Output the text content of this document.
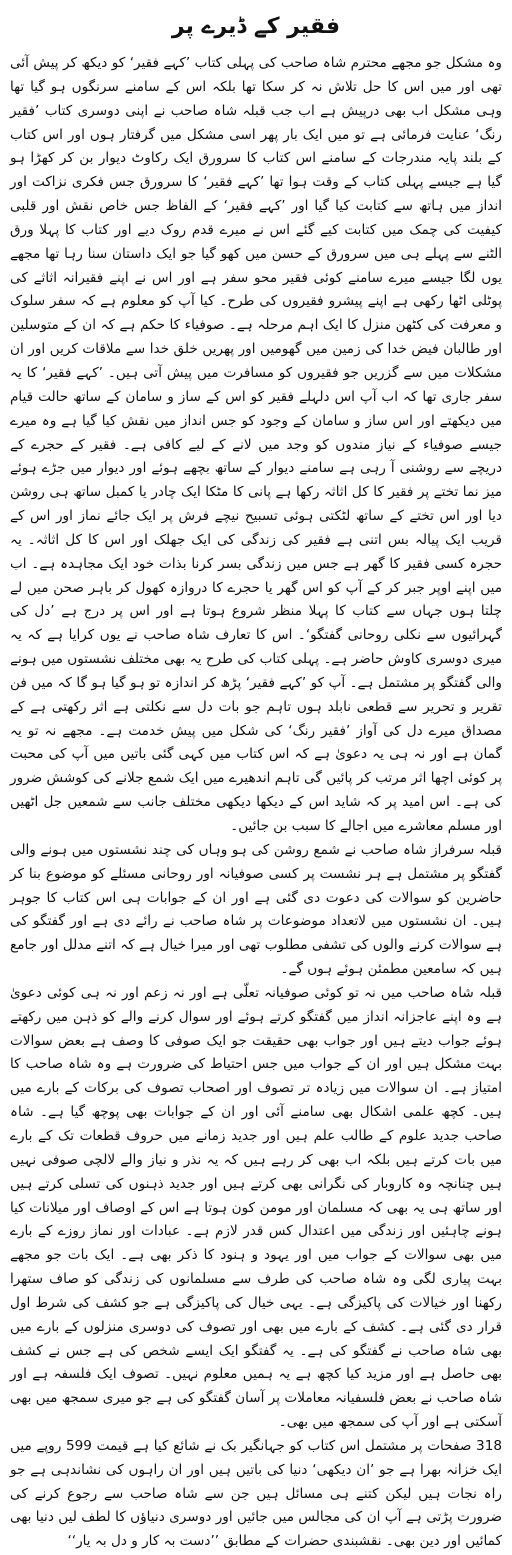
فقیر کے ڈیرے پر

وہ مشکل جو مجھے محترم شاہ صاحب کی پہلی کتاب ’کہے فقیر‘ کو دیکھ کر پیش آئی تھی اور میں اس کا حل تلاش نہ کر سکا تھا بلکہ اس کے سامنے سرنگوں ہو گیا تھا وہی مشکل اب بھی درپیش ہے اب جب قبلہ شاہ صاحب نے اپنی دوسری کتاب ’فقیر رنگ‘ عنایت فرمائی ہے تو میں ایک بار پھر اسی مشکل میں گرفتار ہوں اور اس کتاب کے بلند پایہ مندرجات کے سامنے اس کتاب کا سرورق ایک رکاوٹ دیوار بن کر کھڑا ہو گیا ہے جیسے پہلی کتاب کے وقت ہوا تھا ’کہے فقیر‘ کا سرورق جس فکری نزاکت اور انداز میں ہاتھ سے کتابت کیا گیا اور ’کہے فقیر‘ کے الفاظ جس خاص نقش اور قلبی کیفیت کی چمک میں کتابت کیے گئے اس نے میرے قدم روک دیے اور کتاب کا پہلا ورق الٹنے سے پہلے ہی میں سرورق کے حسن میں کھو گیا جو ایک داستان سنا رہا تھا مجھے یوں لگا جیسے میرے سامنے کوئی فقیر محو سفر ہے اور اس نے اپنے فقیرانہ اثاثے کی پوٹلی اٹھا رکھی ہے اپنے پیشرو فقیروں کی طرح۔ کیا آپ کو معلوم ہے کہ سفر سلوک و معرفت کی کٹھن منزل کا ایک اہم مرحلہ ہے۔ صوفیاء کا حکم ہے کہ ان کے متوسلین اور طالبان فیض خدا کی زمین میں گھومیں اور پھریں خلق خدا سے ملاقات کریں اور ان مشکلات میں سے گزریں جو فقیروں کو مسافرت میں پیش آتی ہیں۔ ’کہے فقیر‘ کا یہ سفر جاری تھا کہ اب آپ اس دلہلے فقیر کو اس کے ساز و سامان کے ساتھ حالت قیام میں دیکھتے اور اس ساز و سامان کے وجود کو جس انداز میں نقش کیا گیا ہے وہ میرے جیسے صوفیاء کے نیاز مندوں کو وجد میں لانے کے لیے کافی ہے۔ فقیر کے حجرے کے دریچے سے روشنی آ رہی ہے سامنے دیوار کے ساتھ بچھے ہوئے اور دیوار میں جڑے ہوئے میز نما تختے پر فقیر کا کل اثاثہ رکھا ہے پانی کا مٹکا ایک چادر یا کمبل ساتھ ہی روشن دیا اور اس تختے کے ساتھ لٹکتی ہوئی تسبیح نیچے فرش پر ایک جائے نماز اور اس کے قریب ایک پیالہ بس اتنی ہے فقیر کی زندگی کی ایک جھلک اور اس کا کل اثاثہ۔ یہ حجرہ کسی فقیر کا گھر ہے جس میں زندگی بسر کرنا بذات خود ایک مجاہدہ ہے۔ اب میں اپنے اوپر جبر کر کے آپ کو اس گھر یا حجرے کا دروازہ کھول کر باہر صحن میں لے چلتا ہوں جہاں سے کتاب کا پہلا منظر شروع ہوتا ہے اور اس پر درج ہے ’دل کی گہرائیوں سے نکلی روحانی گفتگو‘۔ اس کا تعارف شاہ صاحب نے یوں کرایا ہے کہ یہ میری دوسری کاوش حاضر ہے۔ پہلی کتاب کی طرح یہ بھی مختلف نشستوں میں ہونے والی گفتگو پر مشتمل ہے۔ آپ کو ’کہے فقیر‘ پڑھ کر اندازہ تو ہو گیا ہو گا کہ میں فن تقریر و تحریر سے قطعی نابلد ہوں تاہم جو بات دل سے نکلتی ہے اثر رکھتی ہے کے مصداق میرے دل کی آواز ’فقیر رنگ‘ کی شکل میں پیش خدمت ہے۔ مجھے نہ تو یہ گمان ہے اور نہ ہی یہ دعویٰ ہے کہ اس کتاب میں کہی گئی باتیں میں آپ کی محبت پر کوئی اچھا اثر مرتب کر پائیں گی تاہم اندھیرے میں ایک شمع جلانے کی کوشش ضرور کی ہے۔ اس امید پر کہ شاید اس کے دیکھا دیکھی مختلف جانب سے شمعیں جل اٹھیں اور مسلم معاشرے میں اجالے کا سبب بن جائیں۔

قبلہ سرفراز شاہ صاحب نے شمع روشن کی ہو وہاں کی چند نشستوں میں ہونے والی گفتگو پر مشتمل ہے ہر نشست پر کسی صوفیانہ اور روحانی مسئلے کو موضوع بنا کر حاضرین کو سوالات کی دعوت دی گئی ہے اور ان کے جوابات ہی اس کتاب کا جوہر ہیں۔ ان نشستوں میں لاتعداد موضوعات پر شاہ صاحب نے رائے دی ہے اور گفتگو کی ہے سوالات کرنے والوں کی تشفی مطلوب تھی اور میرا خیال ہے کہ اتنے مدلل اور جامع ہیں کہ سامعین مطمئن ہوئے ہوں گے۔

قبلہ شاہ صاحب میں نہ تو کوئی صوفیانہ تعلّی ہے اور نہ زعم اور نہ ہی کوئی دعویٰ ہے وہ اپنے عاجزانہ انداز میں گفتگو کرتے ہوئے اور سوال کرنے والے کو ذہن میں رکھتے ہوئے جواب دیتے ہیں اور جواب بھی حقیقت جو ایک صوفی کا وصف ہے بعض سوالات بہت مشکل ہیں اور ان کے جواب میں جس احتیاط کی ضرورت ہے وہ شاہ صاحب کا امتیاز ہے۔ ان سوالات میں زیادہ تر تصوف اور اصحاب تصوف کی برکات کے بارے میں ہیں۔ کچھ علمی اشکال بھی سامنے آئی اور ان کے جوابات بھی پوچھ گیا ہے۔ شاہ صاحب جدید علوم کے طالب علم ہیں اور جدید زمانے میں حروف قطعات تک کے بارے میں بات کرتے ہیں بلکہ اب بھی کر رہے ہیں کہ یہ نذر و نیاز والے لالچی صوفی نہیں ہیں چنانچہ وہ کاروبار کی نگرانی بھی کرتے ہیں اور جدید ذہنوں کی تسلی کرتے ہیں اور ساتھ ہی یہ بھی کہ مسلمان اور مومن کون ہوتا ہے اس کے اوصاف اور میلانات کیا ہونے چاہئیں اور زندگی میں اعتدال کس قدر لازم ہے۔ عبادات اور نماز روزے کے بارے میں بھی سوالات کے جواب میں اور یہود و ہنود کا ذکر بھی ہے۔ ایک بات جو مجھے بہت پیاری لگی وہ شاہ صاحب کی طرف سے مسلمانوں کی زندگی کو صاف ستھرا رکھنا اور خیالات کی پاکیزگی ہے۔ یہی خیال کی پاکیزگی ہے جو کشف کی شرط اول قرار دی گئی ہے۔ کشف کے بارے میں بھی اور تصوف کی دوسری منزلوں کے بارے میں بھی شاہ صاحب نے گفتگو کی ہے۔ یہ گفتگو ایک ایسے شخص کی ہے جس نے کشف بھی حاصل ہے اور مزید کیا کچھ ہے یہ ہمیں معلوم نہیں۔ تصوف ایک فلسفہ ہے اور شاہ صاحب نے بعض فلسفیانہ معاملات پر آسان گفتگو کی ہے جو میری سمجھ میں بھی آسکتی ہے اور آپ کی سمجھ میں بھی۔

318 صفحات پر مشتمل اس کتاب کو جہانگیر بک نے شائع کیا ہے قیمت 599 روپے میں ایک خزانہ بھرا ہے جو ’ان دیکھی‘ دنیا کی باتیں ہیں اور ان راہوں کی نشاندہی ہے جو راہ نجات ہیں لیکن کتنے ہی مسائل ہیں جن سے شاہ صاحب سے رجوع کرنے کی ضرورت پڑتی ہے آپ ان کی مجالس میں جائیں اور دوسری دنیاؤں کا لطف لیں دنیا بھی کمائیں اور دین بھی۔ نقشبندی حضرات کے مطابق ’’دست بہ کار و دل بہ یار‘‘
